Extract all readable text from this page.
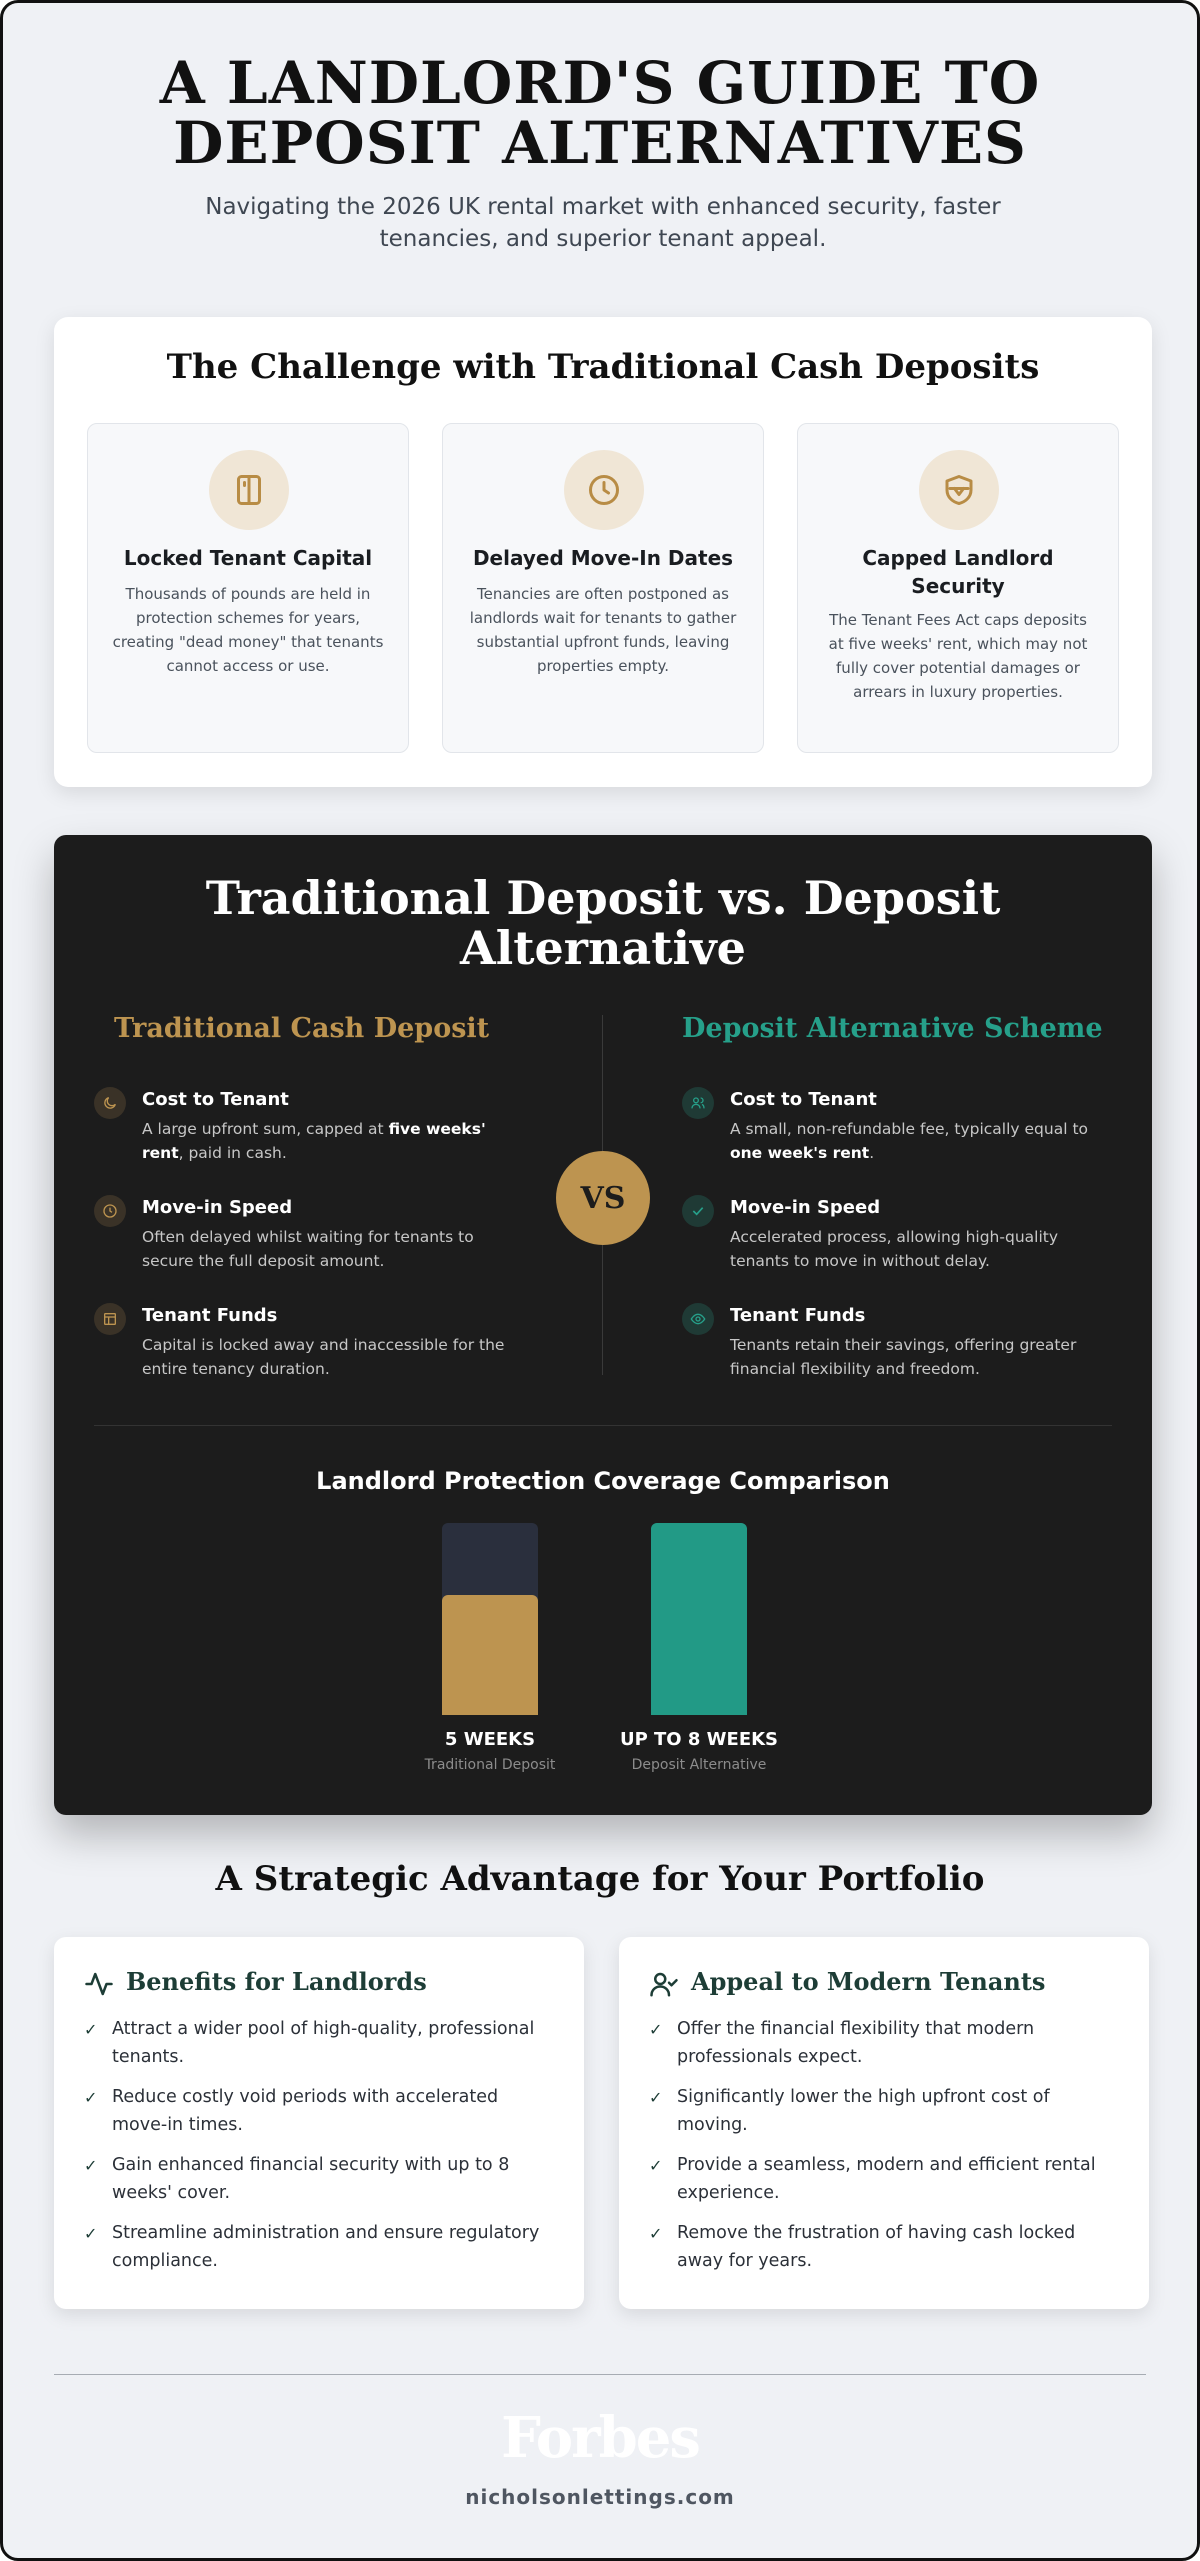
A LANDLORD'S GUIDE TO
DEPOSIT ALTERNATIVES
Navigating the 2026 UK rental market with enhanced security, faster tenancies, and superior tenant appeal.
The Challenge with Traditional Cash Deposits
Locked Tenant Capital
Thousands of pounds are held in protection schemes for years, creating "dead money" that tenants cannot access or use.
Delayed Move-In Dates
Tenancies are often postponed as landlords wait for tenants to gather substantial upfront funds, leaving properties empty.
Capped Landlord Security
The Tenant Fees Act caps deposits at five weeks' rent, which may not fully cover potential damages or arrears in luxury properties.
Traditional Deposit vs. Deposit
Alternative
Traditional Cash Deposit	Deposit Alternative Scheme
VS
Cost to Tenant
A large upfront sum, capped at five weeks' rent, paid in cash.
Move-in Speed
Often delayed whilst waiting for tenants to secure the full deposit amount.
Tenant Funds
Capital is locked away and inaccessible for the entire tenancy duration.
Cost to Tenant
A small, non-refundable fee, typically equal to one week's rent.
Move-in Speed
Accelerated process, allowing high-quality tenants to move in without delay.
Tenant Funds
Tenants retain their savings, offering greater financial flexibility and freedom.
Landlord Protection Coverage Comparison
5 WEEKS
Traditional Deposit
UP TO 8 WEEKS
Deposit Alternative
A Strategic Advantage for Your Portfolio
Benefits for Landlords
✓ Attract a wider pool of high-quality, professional tenants.
✓ Reduce costly void periods with accelerated move-in times.
✓ Gain enhanced financial security with up to 8 weeks' cover.
✓ Streamline administration and ensure regulatory compliance.
Appeal to Modern Tenants
✓ Offer the financial flexibility that modern professionals expect.
✓ Significantly lower the high upfront cost of moving.
✓ Provide a seamless, modern and efficient rental experience.
✓ Remove the frustration of having cash locked away for years.
Forbes
nicholsonlettings.com
